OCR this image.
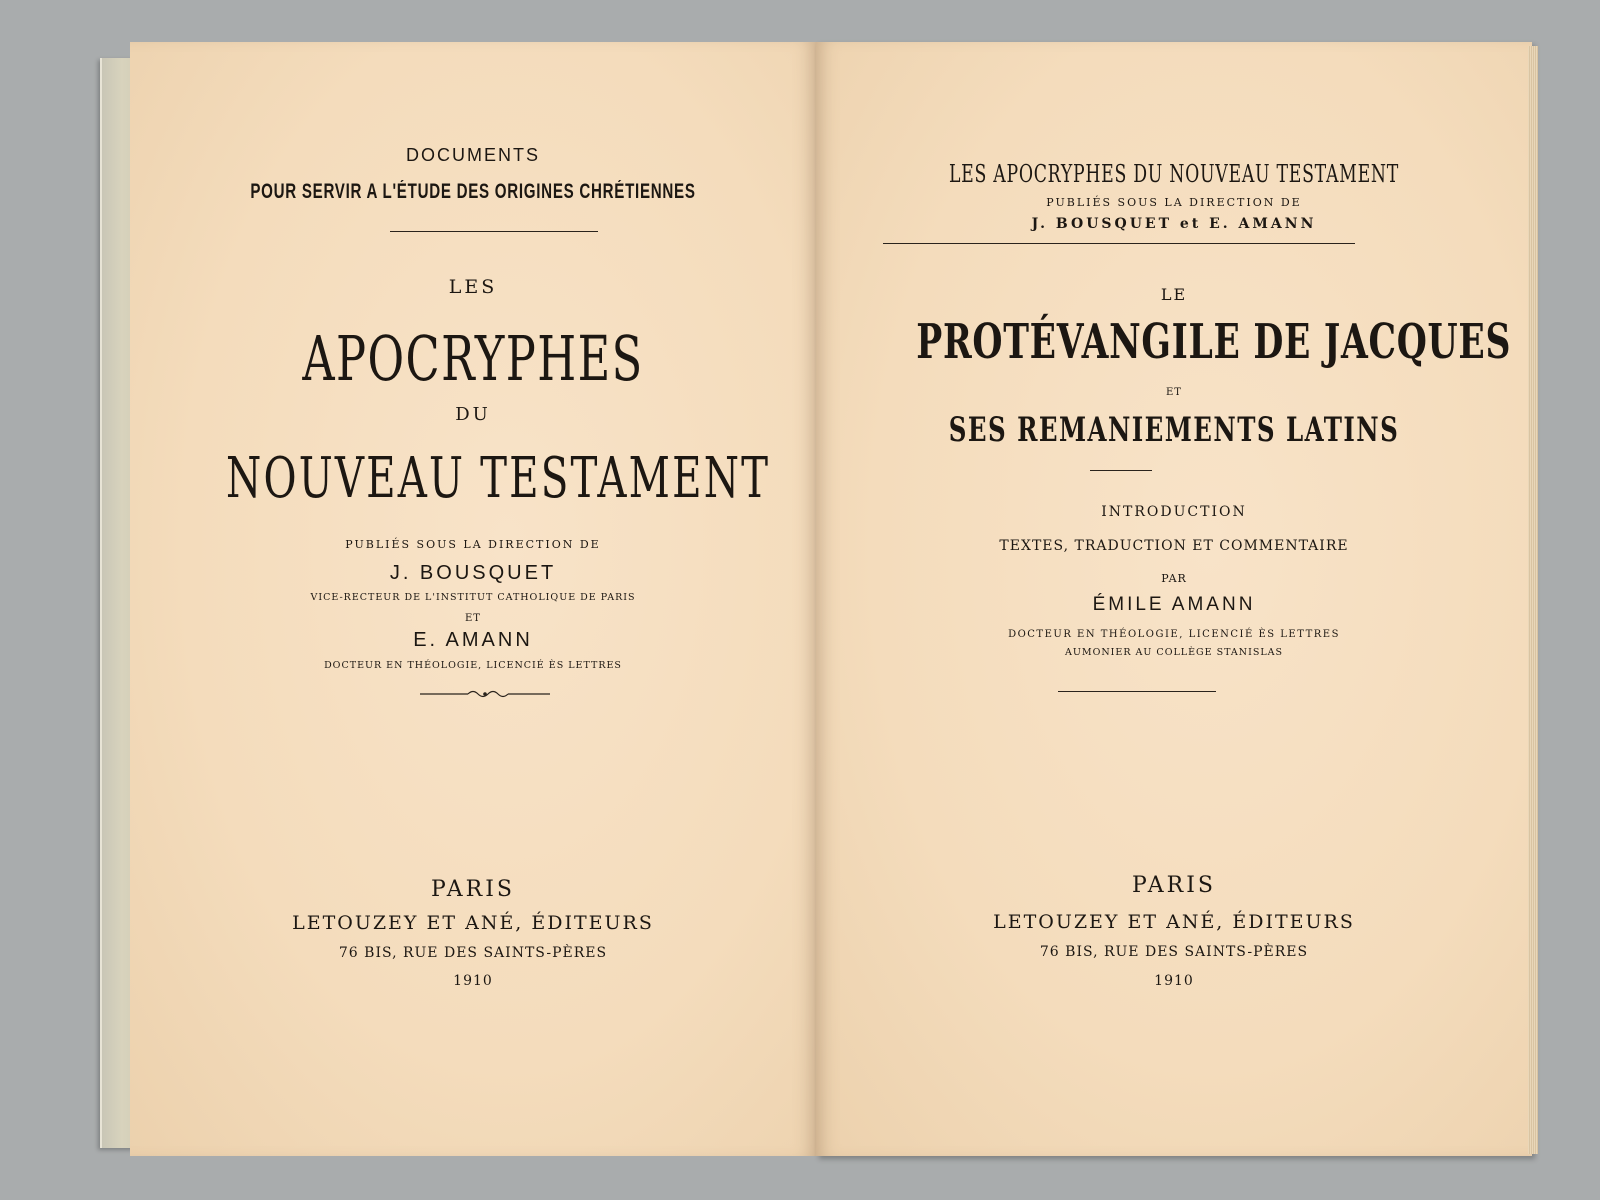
DOCUMENTS
POUR SERVIR A L'ÉTUDE DES ORIGINES CHRÉTIENNES
LES
APOCRYPHES
DU
NOUVEAU TESTAMENT
PUBLIÉS SOUS LA DIRECTION DE
J. BOUSQUET
VICE-RECTEUR DE L'INSTITUT CATHOLIQUE DE PARIS
ET
E. AMANN
DOCTEUR EN THÉOLOGIE, LICENCIÉ ÈS LETTRES
PARIS
LETOUZEY ET ANÉ, ÉDITEURS
76 BIS, RUE DES SAINTS-PÈRES
1910
LES APOCRYPHES DU NOUVEAU TESTAMENT
PUBLIÉS SOUS LA DIRECTION DE
J. BOUSQUET et E. AMANN
LE
PROTÉVANGILE DE JACQUES
ET
SES REMANIEMENTS LATINS
INTRODUCTION
TEXTES, TRADUCTION ET COMMENTAIRE
PAR
ÉMILE AMANN
DOCTEUR EN THÉOLOGIE, LICENCIÉ ÈS LETTRES
AUMONIER AU COLLÈGE STANISLAS
PARIS
LETOUZEY ET ANÉ, ÉDITEURS
76 BIS, RUE DES SAINTS-PÈRES
1910
